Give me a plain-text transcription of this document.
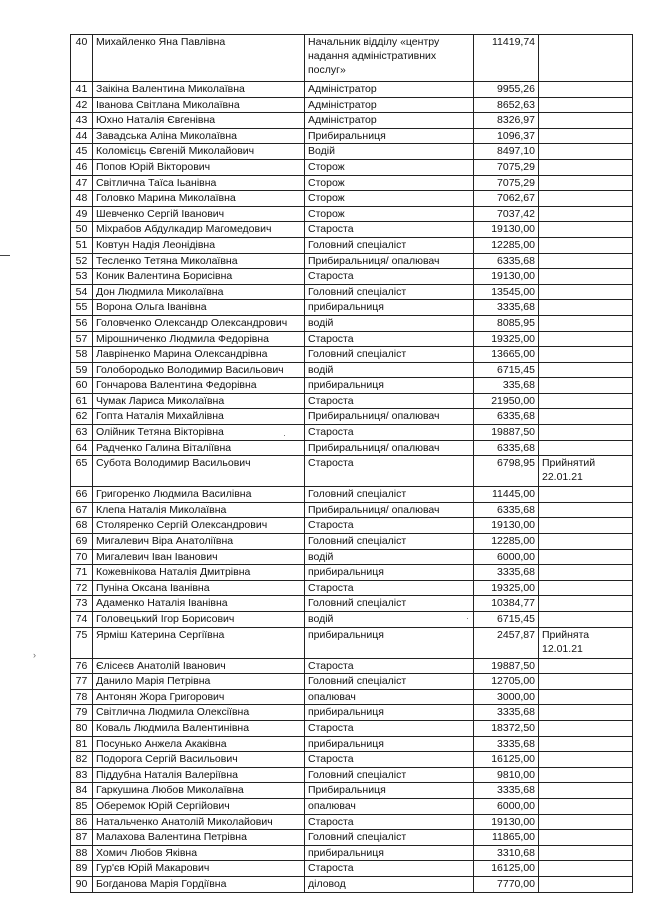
›
·
·
40	Михайленко Яна Павлівна	Начальник відділу «центру надання адміністративних послуг»	11419,74	
41	Заікіна Валентина Миколаївна	Адміністратор	9955,26	
42	Іванова Світлана Миколаївна	Адміністратор	8652,63	
43	Юхно Наталія Євгенівна	Адміністратор	8326,97	
44	Завадська Аліна Миколаївна	Прибиральниця	1096,37	
45	Коломієць Євгеній Миколайович	Водій	8497,10	
46	Попов Юрій Вікторович	Сторож	7075,29	
47	Світлична Таїса Іьанівна	Сторож	7075,29	
48	Головко Марина Миколаївна	Сторож	7062,67	
49	Шевченко Сергій Іванович	Сторож	7037,42	
50	Міхрабов Абдулкадир Магомедович	Староста	19130,00	
51	Ковтун Надія Леонідівна	Головний спеціаліст	12285,00	
52	Тесленко Тетяна Миколаївна	Прибиральниця/ опалювач	6335,68	
53	Коник Валентина Борисівна	Староста	19130,00	
54	Дон Людмила Миколаївна	Головний спеціаліст	13545,00	
55	Ворона Ольга Іванівна	прибиральниця	3335,68	
56	Головченко Олександр Олександрович	водій	8085,95	
57	Мірошниченко Людмила Федорівна	Староста	19325,00	
58	Лавріненко Марина Олександрівна	Головний спеціаліст	13665,00	
59	Голобородько Володимир Васильович	водій	6715,45	
60	Гончарова Валентина Федорівна	прибиральниця	335,68	
61	Чумак Лариса Миколаївна	Староста	21950,00	
62	Гопта Наталія Михайлівна	Прибиральниця/ опалювач	6335,68	
63	Олійник Тетяна Вікторівна	Староста	19887,50	
64	Радченко Галина Віталіївна	Прибиральниця/ опалювач	6335,68	
65	Субота Володимир Васильович	Староста	6798,95	Прийнятий 22.01.21
66	Григоренко Людмила Василівна	Головний спеціаліст	11445,00	
67	Клепа Наталія Миколаївна	Прибиральниця/ опалювач	6335,68	
68	Столяренко Сергій Олександрович	Староста	19130,00	
69	Мигалевич Віра Анатоліївна	Головний спеціаліст	12285,00	
70	Мигалевич Іван Іванович	водій	6000,00	
71	Кожевнікова Наталія Дмитрівна	прибиральниця	3335,68	
72	Пуніна Оксана Іванівна	Староста	19325,00	
73	Адаменко Наталія Іванівна	Головний спеціаліст	10384,77	
74	Головецький Ігор Борисович	водій	6715,45	
75	Ярміш Катерина Сергіївна	прибиральниця	2457,87	Прийнята 12.01.21
76	Єлісеєв Анатолій Іванович	Староста	19887,50	
77	Данило Марія Петрівна	Головний спеціаліст	12705,00	
78	Антонян Жора Григорович	опалювач	3000,00	
79	Світлична Людмила Олексіївна	прибиральниця	3335,68	
80	Коваль Людмила Валентинівна	Староста	18372,50	
81	Посунько Анжела Акаківна	прибиральниця	3335,68	
82	Подорога Сергій Васильович	Староста	16125,00	
83	Піддубна Наталія Валеріївна	Головний спеціаліст	9810,00	
84	Гаркушина Любов Миколаївна	Прибиральниця	3335,68	
85	Оберемок Юрій Сергійович	опалювач	6000,00	
86	Натальченко Анатолій Миколайович	Староста	19130,00	
87	Малахова Валентина Петрівна	Головний спеціаліст	11865,00	
88	Хомич Любов Яківна	прибиральниця	3310,68	
89	Гур'єв Юрій Макарович	Староста	16125,00	
90	Богданова Марія Гордіївна	діловод	7770,00	
